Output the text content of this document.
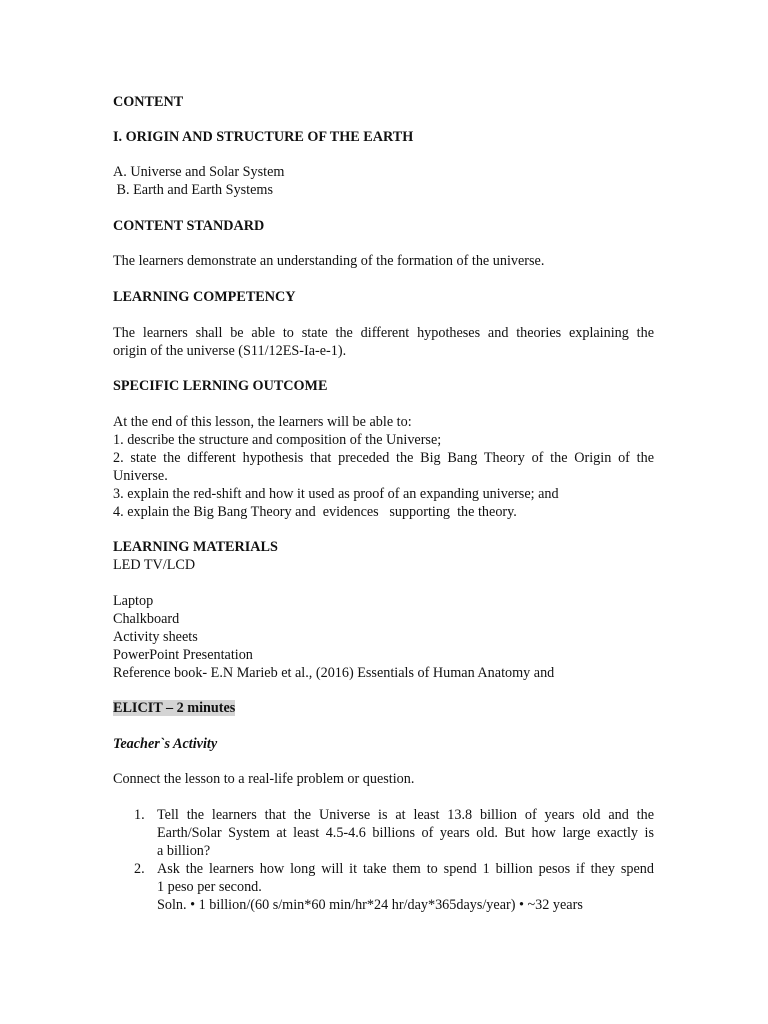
CONTENT
I. ORIGIN AND STRUCTURE OF THE EARTH
A. Universe and Solar System
B. Earth and Earth Systems
CONTENT STANDARD
The learners demonstrate an understanding of the formation of the universe.
LEARNING COMPETENCY
The learners shall be able to state the different hypotheses and theories explaining the
origin of the universe (S11/12ES-Ia-e-1).
SPECIFIC LERNING OUTCOME
At the end of this lesson, the learners will be able to:
1. describe the structure and composition of the Universe;
2. state the different hypothesis that preceded the Big Bang Theory of the Origin of the
Universe.
3. explain the red-shift and how it used as proof of an expanding universe; and
4. explain the Big Bang Theory and  evidences   supporting  the theory.
LEARNING MATERIALS
LED TV/LCD
Laptop
Chalkboard
Activity sheets
PowerPoint Presentation
Reference book- E.N Marieb et al., (2016) Essentials of Human Anatomy and
ELICIT – 2 minutes
Teacher`s Activity
Connect the lesson to a real-life problem or question.
1. Tell the learners that the Universe is at least 13.8 billion of years old and the
Earth/Solar System at least 4.5-4.6 billions of years old. But how large exactly is
a billion?
2. Ask the learners how long will it take them to spend 1 billion pesos if they spend
1 peso per second.
Soln. • 1 billion/(60 s/min*60 min/hr*24 hr/day*365days/year) • ~32 years
